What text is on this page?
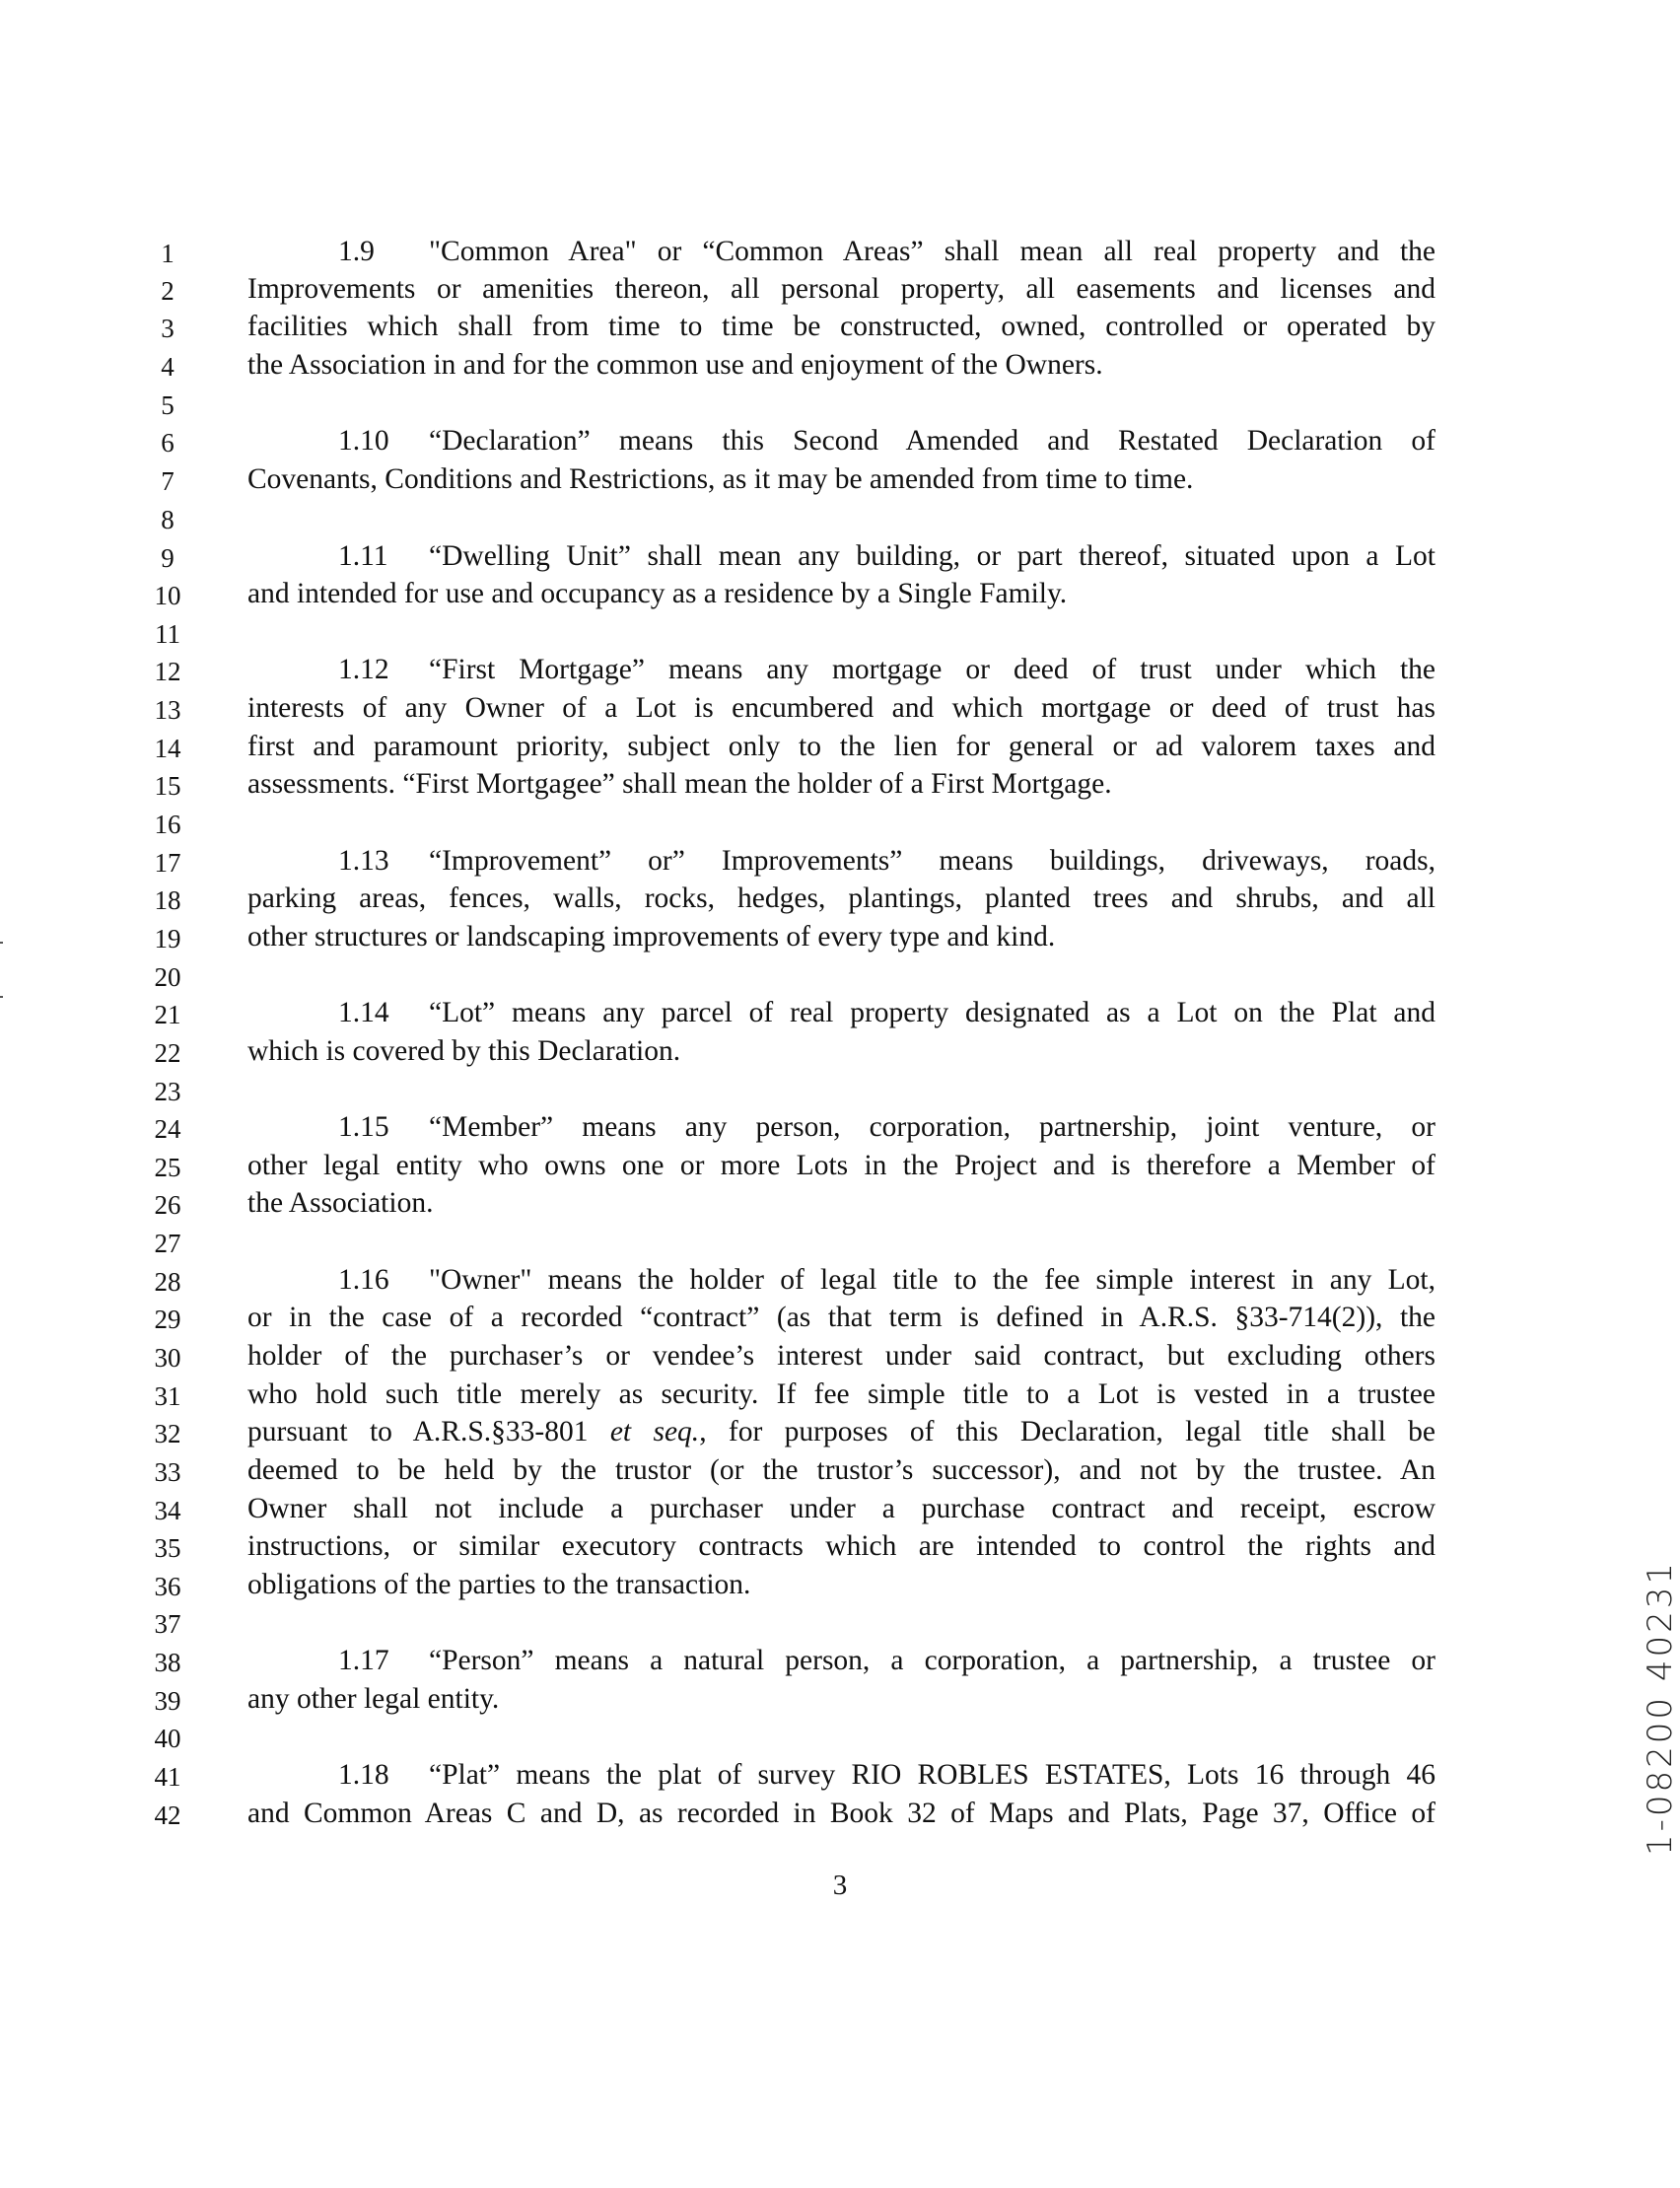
1
2
3
4
5
6
7
8
9
10
11
12
13
14
15
16
17
18
19
20
21
22
23
24
25
26
27
28
29
30
31
32
33
34
35
36
37
38
39
40
41
42
1.9 "Common Area" or “Common Areas” shall mean all real property and the
Improvements or amenities thereon, all personal property, all easements and licenses and
facilities which shall from time to time be constructed, owned, controlled or operated by
the Association in and for the common use and enjoyment of the Owners.
1.10 “Declaration” means this Second Amended and Restated Declaration of
Covenants, Conditions and Restrictions, as it may be amended from time to time.
1.11 “Dwelling Unit” shall mean any building, or part thereof, situated upon a Lot
and intended for use and occupancy as a residence by a Single Family.
1.12 “First Mortgage” means any mortgage or deed of trust under which the
interests of any Owner of a Lot is encumbered and which mortgage or deed of trust has
first and paramount priority, subject only to the lien for general or ad valorem taxes and
assessments. “First Mortgagee” shall mean the holder of a First Mortgage.
1.13 “Improvement” or” Improvements” means buildings, driveways, roads,
parking areas, fences, walls, rocks, hedges, plantings, planted trees and shrubs, and all
other structures or landscaping improvements of every type and kind.
1.14 “Lot” means any parcel of real property designated as a Lot on the Plat and
which is covered by this Declaration.
1.15 “Member” means any person, corporation, partnership, joint venture, or
other legal entity who owns one or more Lots in the Project and is therefore a Member of
the Association.
1.16 "Owner" means the holder of legal title to the fee simple interest in any Lot,
or in the case of a recorded “contract” (as that term is defined in A.R.S. §33-714(2)), the
holder of the purchaser’s or vendee’s interest under said contract, but excluding others
who hold such title merely as security. If fee simple title to a Lot is vested in a trustee
pursuant to A.R.S.§33-801 et seq., for purposes of this Declaration, legal title shall be
deemed to be held by the trustor (or the trustor’s successor), and not by the trustee. An
Owner shall not include a purchaser under a purchase contract and receipt, escrow
instructions, or similar executory contracts which are intended to control the rights and
obligations of the parties to the transaction.
1.17 “Person” means a natural person, a corporation, a partnership, a trustee or
any other legal entity.
1.18 “Plat” means the plat of survey RIO ROBLES ESTATES, Lots 16 through 46
and Common Areas C and D, as recorded in Book 32 of Maps and Plats, Page 37, Office of
3
1-08200 40231
